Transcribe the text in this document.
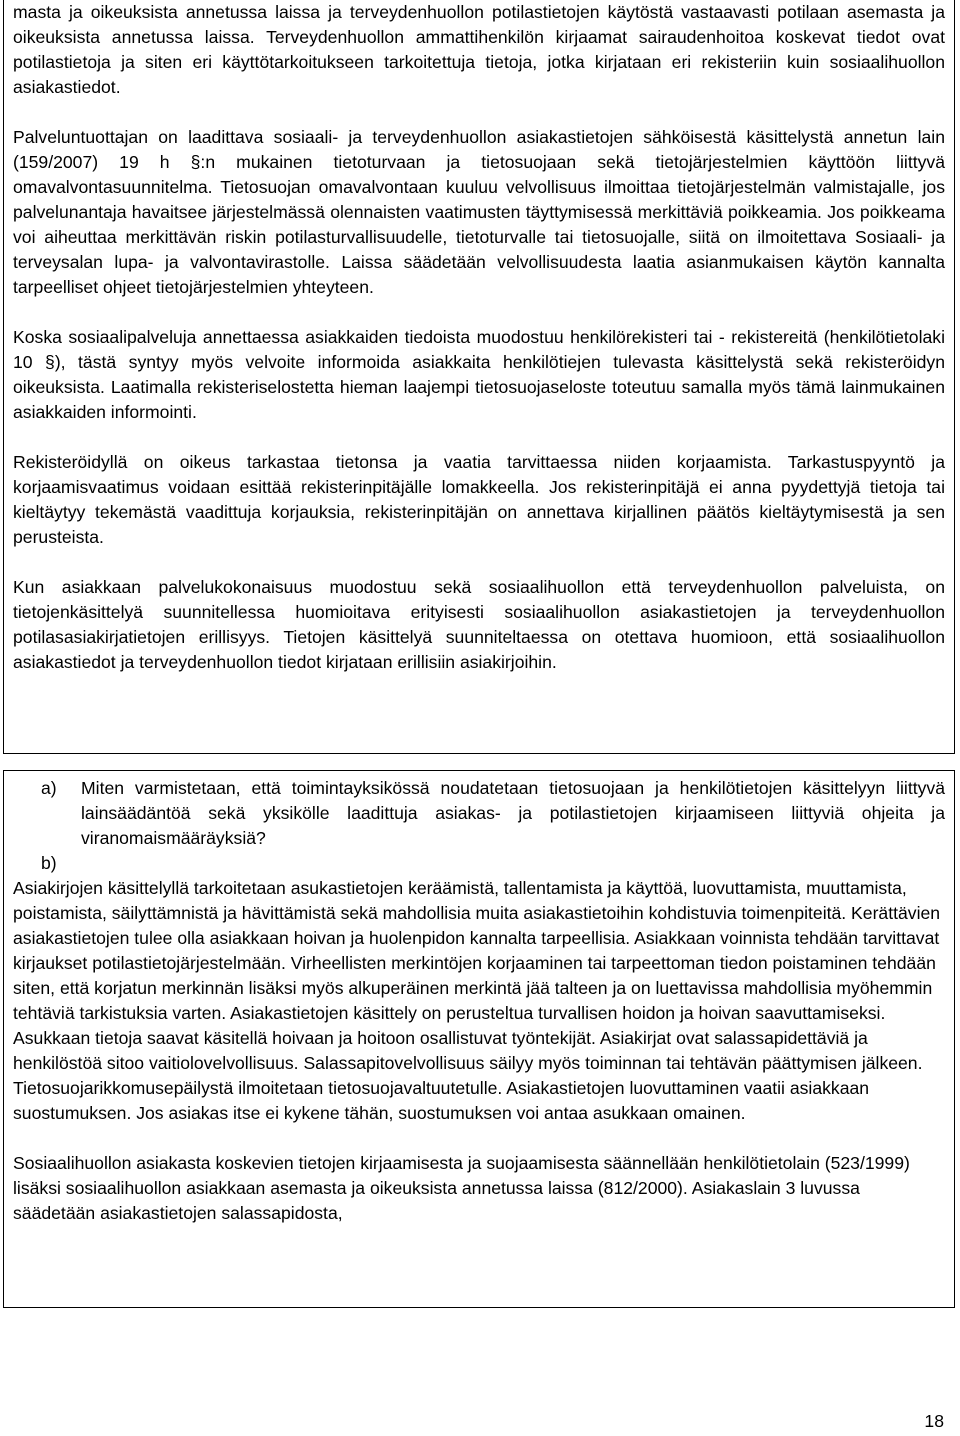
masta ja oikeuksista annetussa laissa ja terveydenhuollon potilastietojen käytöstä vastaavasti potilaan asemasta ja oikeuksista annetussa laissa. Terveydenhuollon ammattihenkilön kirjaamat sairaudenhoitoa koskevat tiedot ovat potilastietoja ja siten eri käyttötarkoitukseen tarkoitettuja tietoja, jotka kirjataan eri rekisteriin kuin sosiaalihuollon asiakastiedot.

Palveluntuottajan on laadittava sosiaali- ja terveydenhuollon asiakastietojen sähköisestä käsittelystä annetun lain (159/2007) 19 h §:n mukainen tietoturvaan ja tietosuojaan sekä tietojärjestelmien käyttöön liittyvä omavalvontasuunnitelma. Tietosuojan omavalvontaan kuuluu velvollisuus ilmoittaa tietojärjestelmän valmistajalle, jos palvelunantaja havaitsee järjestelmässä olennaisten vaatimusten täyttymisessä merkittäviä poikkeamia. Jos poikkeama voi aiheuttaa merkittävän riskin potilasturvallisuudelle, tietoturvalle tai tietosuojalle, siitä on ilmoitettava Sosiaali- ja terveysalan lupa- ja valvontavirastolle. Laissa säädetään velvollisuudesta laatia asianmukaisen käytön kannalta tarpeelliset ohjeet tietojärjestelmien yhteyteen.

Koska sosiaalipalveluja annettaessa asiakkaiden tiedoista muodostuu henkilörekisteri tai - rekistereitä (henkilötietolaki 10 §), tästä syntyy myös velvoite informoida asiakkaita henkilötiejen tulevasta käsittelystä sekä rekisteröidyn oikeuksista. Laatimalla rekisteriselostetta hieman laajempi tietosuojaseloste toteutuu samalla myös tämä lainmukainen asiakkaiden informointi.

Rekisteröidyllä on oikeus tarkastaa tietonsa ja vaatia tarvittaessa niiden korjaamista. Tarkastuspyyntö ja korjaamisvaatimus voidaan esittää rekisterinpitäjälle lomakkeella. Jos rekisterinpitäjä ei anna pyydettyjä tietoja tai kieltäytyy tekemästä vaadittuja korjauksia, rekisterinpitäjän on annettava kirjallinen päätös kieltäytymisestä ja sen perusteista.

Kun asiakkaan palvelukokonaisuus muodostuu sekä sosiaalihuollon että terveydenhuollon palveluista, on tietojenkäsittelyä suunnitellessa huomioitava erityisesti sosiaalihuollon asiakastietojen ja terveydenhuollon potilasasiakirjatietojen erillisyys. Tietojen käsittelyä suunniteltaessa on otettava huomioon, että sosiaalihuollon asiakastiedot ja terveydenhuollon tiedot kirjataan erillisiin asiakirjoihin.

a)	Miten varmistetaan, että toimintayksikössä noudatetaan tietosuojaan ja henkilötietojen käsittelyyn liittyvä lainsäädäntöä sekä yksikölle laadittuja asiakas- ja potilastietojen kirjaamiseen liittyviä ohjeita ja viranomaismääräyksiä?
b)

Asiakirjojen käsittelyllä tarkoitetaan asukastietojen keräämistä, tallentamista ja käyttöä, luovuttamista, muuttamista, poistamista, säilyttämnistä ja hävittämistä sekä mahdollisia muita asiakastietoihin kohdistuvia toimenpiteitä. Kerättävien asiakastietojen tulee olla asiakkaan hoivan ja huolenpidon kannalta tarpeellisia. Asiakkaan voinnista tehdään tarvittavat kirjaukset potilastietojärjestelmään. Virheellisten merkintöjen korjaaminen tai tarpeettoman tiedon poistaminen tehdään siten, että korjatun merkinnän lisäksi myös alkuperäinen merkintä jää talteen ja on luettavissa mahdollisia myöhemmin tehtäviä tarkistuksia varten. Asiakastietojen käsittely on perusteltua turvallisen hoidon ja hoivan saavuttamiseksi. Asukkaan tietoja saavat käsitellä hoivaan ja hoitoon osallistuvat työntekijät. Asiakirjat ovat salassapidettäviä ja henkilöstöä sitoo vaitiolovelvollisuus. Salassapitovelvollisuus säilyy myös toiminnan tai tehtävän päättymisen jälkeen. Tietosuojarikkomusepäilystä ilmoitetaan tietosuojavaltuutetulle. Asiakastietojen luovuttaminen vaatii asiakkaan suostumuksen. Jos asiakas itse ei kykene tähän, suostumuksen voi antaa asukkaan omainen.

Sosiaalihuollon asiakasta koskevien tietojen kirjaamisesta ja suojaamisesta säännellään henkilötietolain (523/1999) lisäksi sosiaalihuollon asiakkaan asemasta ja oikeuksista annetussa laissa (812/2000). Asiakaslain 3 luvussa säädetään asiakastietojen salassapidosta,

18
